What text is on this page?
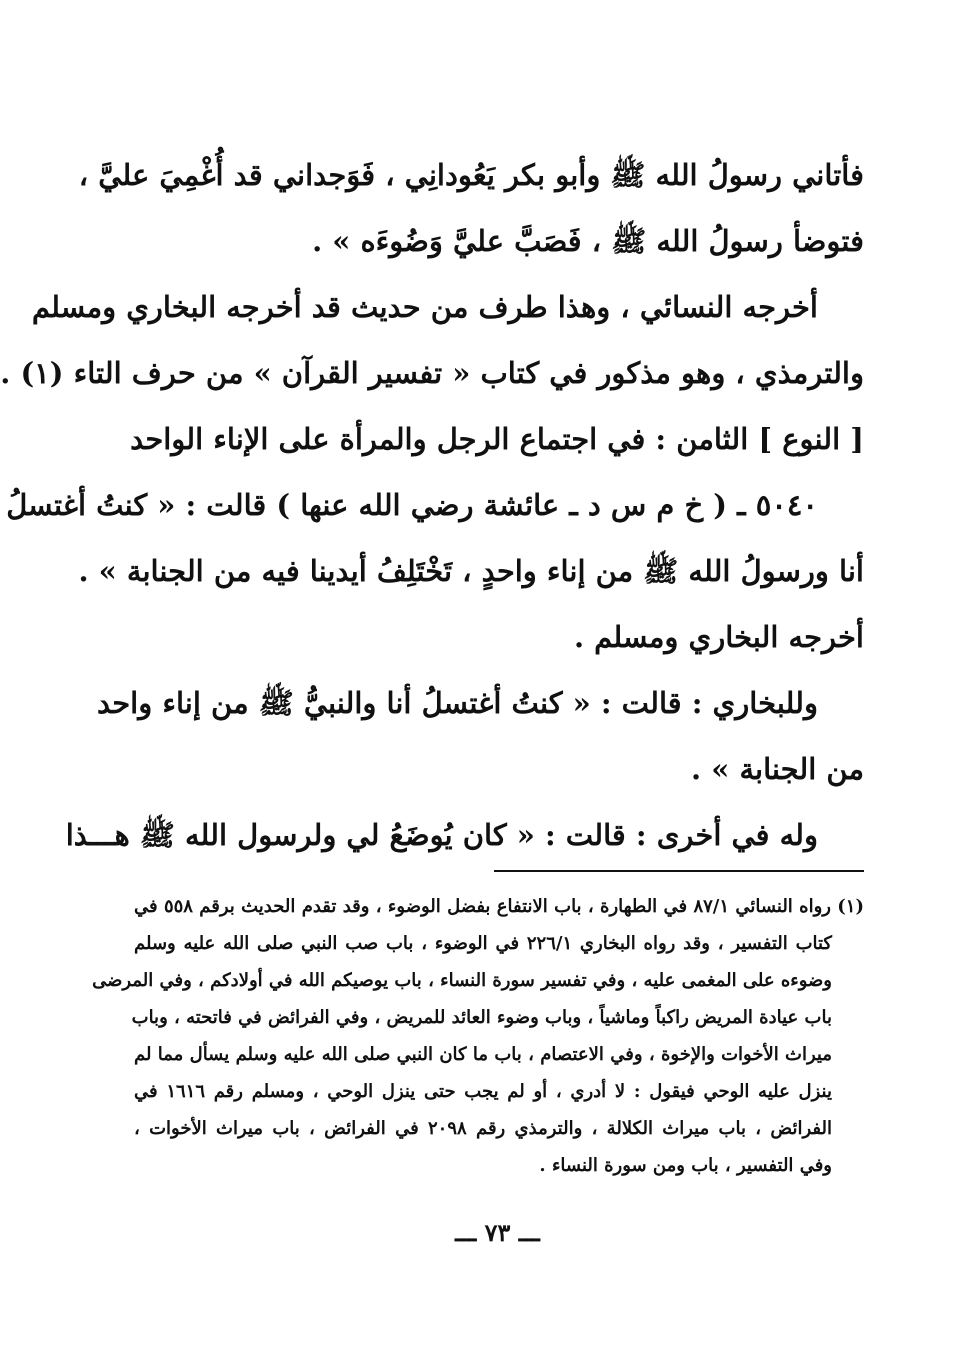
فأتاني رسولُ الله ﷺ وأبو بكر يَعُودانِي ، فَوَجداني قد أُغْمِيَ عليَّ ،
فتوضأ رسولُ الله ﷺ ، فَصَبَّ عليَّ وَضُوءَه » .
أخرجه النسائي ، وهذا طرف من حديث قد أخرجه البخاري ومسلم
والترمذي ، وهو مذكور في كتاب « تفسير القرآن » من حرف التاء (١) .
[ النوع ] الثامن : في اجتماع الرجل والمرأة على الإناء الواحد
٥٠٤٠ ـ ( خ م س د ـ عائشة رضي الله عنها ) قالت : « كنتُ أغتسلُ
أنا ورسولُ الله ﷺ من إناء واحدٍ ، تَخْتَلِفُ أيدينا فيه من الجنابة » .
أخرجه البخاري ومسلم .
وللبخاري : قالت : « كنتُ أغتسلُ أنا والنبيُّ ﷺ من إناء واحد
من الجنابة » .
وله في أخرى : قالت : « كان يُوضَعُ لي ولرسول الله ﷺ هـــذا
(١) رواه النسائي ٨٧/١ في الطهارة ، باب الانتفاع بفضل الوضوء ، وقد تقدم الحديث برقم ٥٥٨ في
كتاب التفسير ، وقد رواه البخاري ٢٢٦/١ في الوضوء ، باب صب النبي صلى الله عليه وسلم
وضوءه على المغمى عليه ، وفي تفسير سورة النساء ، باب يوصيكم الله في أولادكم ، وفي المرضى
باب عيادة المريض راكباً وماشياً ، وباب وضوء العائد للمريض ، وفي الفرائض في فاتحته ، وباب
ميراث الأخوات والإخوة ، وفي الاعتصام ، باب ما كان النبي صلى الله عليه وسلم يسأل مما لم
ينزل عليه الوحي فيقول : لا أدري ، أو لم يجب حتى ينزل الوحي ، ومسلم رقم ١٦١٦ في
الفرائض ، باب ميراث الكلالة ، والترمذي رقم ٢٠٩٨ في الفرائض ، باب ميراث الأخوات ،
وفي التفسير ، باب ومن سورة النساء .
ـــ ٧٣ ـــ
